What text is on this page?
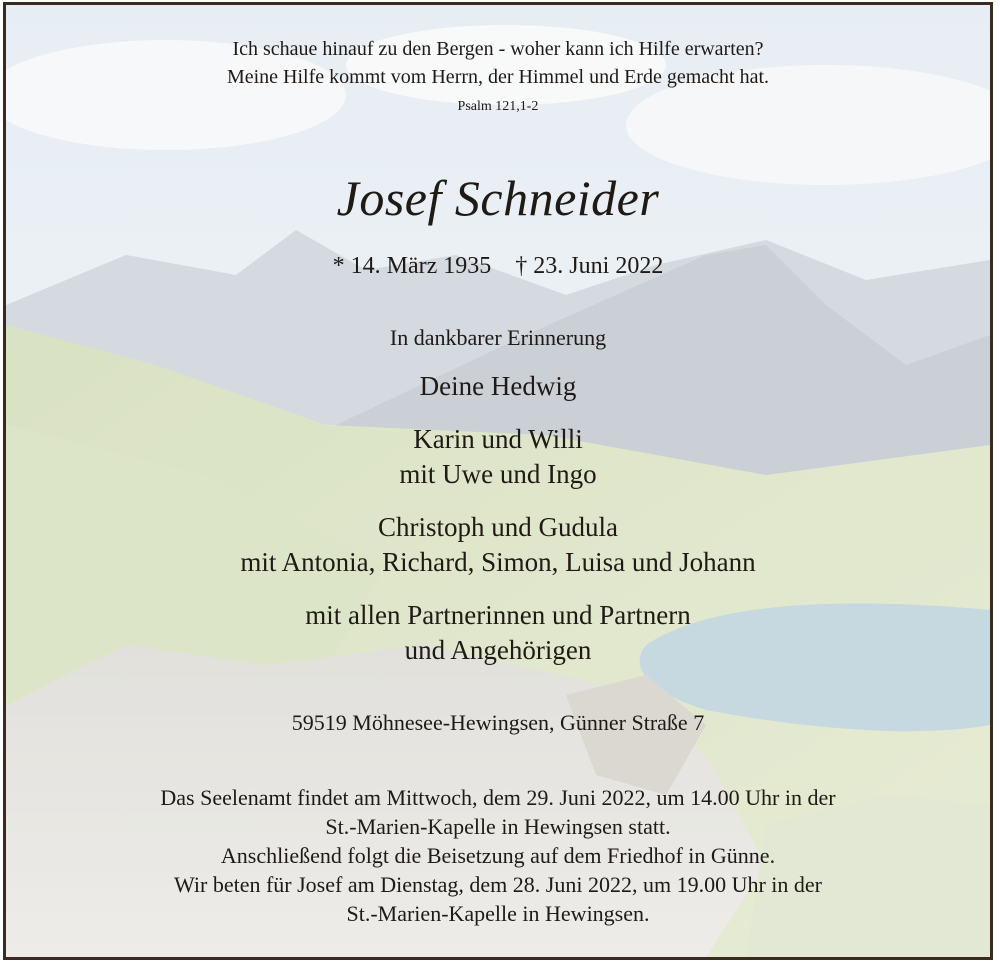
Ich schaue hinauf zu den Bergen - woher kann ich Hilfe erwarten?
Meine Hilfe kommt vom Herrn, der Himmel und Erde gemacht hat.
Psalm 121,1-2
Josef Schneider
* 14. März 1935    † 23. Juni 2022
In dankbarer Erinnerung
Deine Hedwig
Karin und Willi
mit Uwe und Ingo
Christoph und Gudula
mit Antonia, Richard, Simon, Luisa und Johann
mit allen Partnerinnen und Partnern
und Angehörigen
59519 Möhnesee-Hewingsen, Günner Straße 7
Das Seelenamt findet am Mittwoch, dem 29. Juni 2022, um 14.00 Uhr in der
St.-Marien-Kapelle in Hewingsen statt.
Anschließend folgt die Beisetzung auf dem Friedhof in Günne.
Wir beten für Josef am Dienstag, dem 28. Juni 2022, um 19.00 Uhr in der
St.-Marien-Kapelle in Hewingsen.
